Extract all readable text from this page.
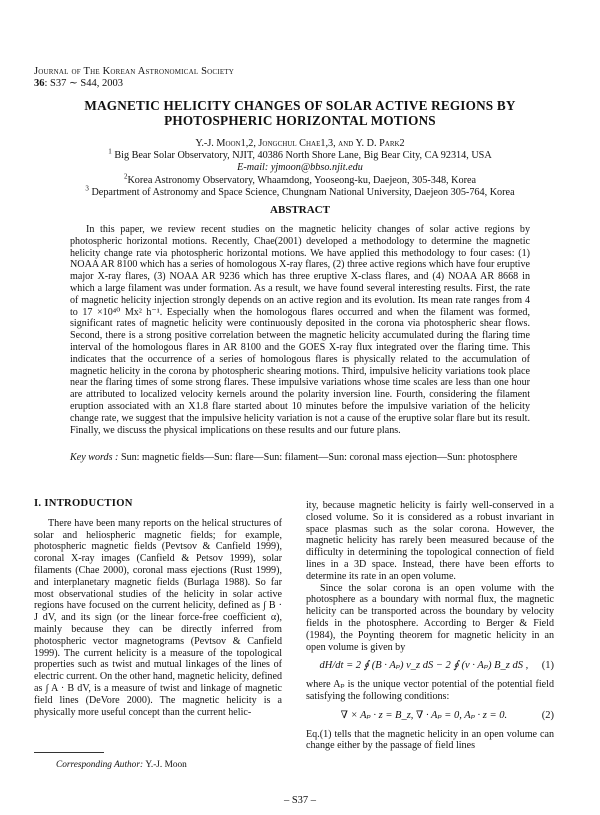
Journal of The Korean Astronomical Society
36: S37 ∼ S44, 2003
MAGNETIC HELICITY CHANGES OF SOLAR ACTIVE REGIONS BY
PHOTOSPHERIC HORIZONTAL MOTIONS
Y.-J. Moon1,2, Jongchul Chae1,3, and Y. D. Park2
$^1$ Big Bear Solar Observatory, NJIT, 40386 North Shore Lane, Big Bear City, CA 92314, USA
E-mail: yjmoon@bbso.njit.edu
$^2$Korea Astronomy Observatory, Whaamdong, Yooseong-ku, Daejeon, 305-348, Korea
$^3$ Department of Astronomy and Space Science, Chungnam National University, Daejeon 305-764, Korea
ABSTRACT
In this paper, we review recent studies on the magnetic helicity changes of solar active regions by photospheric horizontal motions. Recently, Chae(2001) developed a methodology to determine the magnetic helicity change rate via photospheric horizontal motions. We have applied this methodology to four cases: (1) NOAA AR 8100 which has a series of homologous X-ray flares, (2) three active regions which have four eruptive major X-ray flares, (3) NOAA AR 9236 which has three eruptive X-class flares, and (4) NOAA AR 8668 in which a large filament was under formation. As a result, we have found several interesting results. First, the rate of magnetic helicity injection strongly depends on an active region and its evolution. Its mean rate ranges from 4 to 17 ×10⁴⁰ Mx² h⁻¹. Especially when the homologous flares occurred and when the filament was formed, significant rates of magnetic helicity were continuously deposited in the corona via photospheric shear flows. Second, there is a strong positive correlation between the magnetic helicity accumulated during the flaring time interval of the homologous flares in AR 8100 and the GOES X-ray flux integrated over the flaring time. This indicates that the occurrence of a series of homologous flares is physically related to the accumulation of magnetic helicity in the corona by photospheric shearing motions. Third, impulsive helicity variations took place near the flaring times of some strong flares. These impulsive variations whose time scales are less than one hour are attributed to localized velocity kernels around the polarity inversion line. Fourth, considering the filament eruption associated with an X1.8 flare started about 10 minutes before the impulsive variation of the helicity change rate, we suggest that the impulsive helicity variation is not a cause of the eruptive solar flare but its result. Finally, we discuss the physical implications on these results and our future plans.
Key words : Sun: magnetic fields—Sun: flare—Sun: filament—Sun: coronal mass ejection—Sun: photosphere
I. INTRODUCTION

There have been many reports on the helical structures of solar and heliospheric magnetic fields; for example, photospheric magnetic fields (Pevtsov & Canfield 1999), coronal X-ray images (Canfield & Petsov 1999), solar filaments (Chae 2000), coronal mass ejections (Rust 1999), and interplanetary magnetic fields (Burlaga 1988). So far most observational studies of the helicity in solar active regions have focused on the current helicity, defined as ∫ B · J dV, and its sign (or the linear force-free coefficient α), mainly because they can be directly inferred from photospheric vector magnetograms (Pevtsov & Canfield 1999). The current helicity is a measure of the topological properties such as twist and mutual linkages of the lines of electric current. On the other hand, magnetic helicity, defined as ∫ A · B dV, is a measure of twist and linkage of magnetic field lines (DeVore 2000). The magnetic helicity is a physically more useful concept than the current helic-

ity, because magnetic helicity is fairly well-conserved in a closed volume. So it is considered as a robust invariant in space plasmas such as the solar corona. However, the magnetic helicity has rarely been measured because of the difficulty in determining the topological connection of field lines in a 3D space. Instead, there have been efforts to determine its rate in an open volume.

Since the solar corona is an open volume with the photosphere as a boundary with normal flux, the magnetic helicity can be transported across the boundary by velocity fields in the photosphere. According to Berger & Field (1984), the Poynting theorem for magnetic helicity in an open volume is given by

dH/dt = 2 ∮ (B · Aₚ) v_z dS − 2 ∮ (v · Aₚ) B_z dS ,	(1)

where Aₚ is the unique vector potential of the potential field satisfying the following conditions:

∇ × Aₚ · z = B_z, ∇ · Aₚ = 0, Aₚ · z = 0.	(2)

Eq.(1) tells that the magnetic helicity in an open volume can change either by the passage of field lines

Corresponding Author: Y.-J. Moon
– S37 –
